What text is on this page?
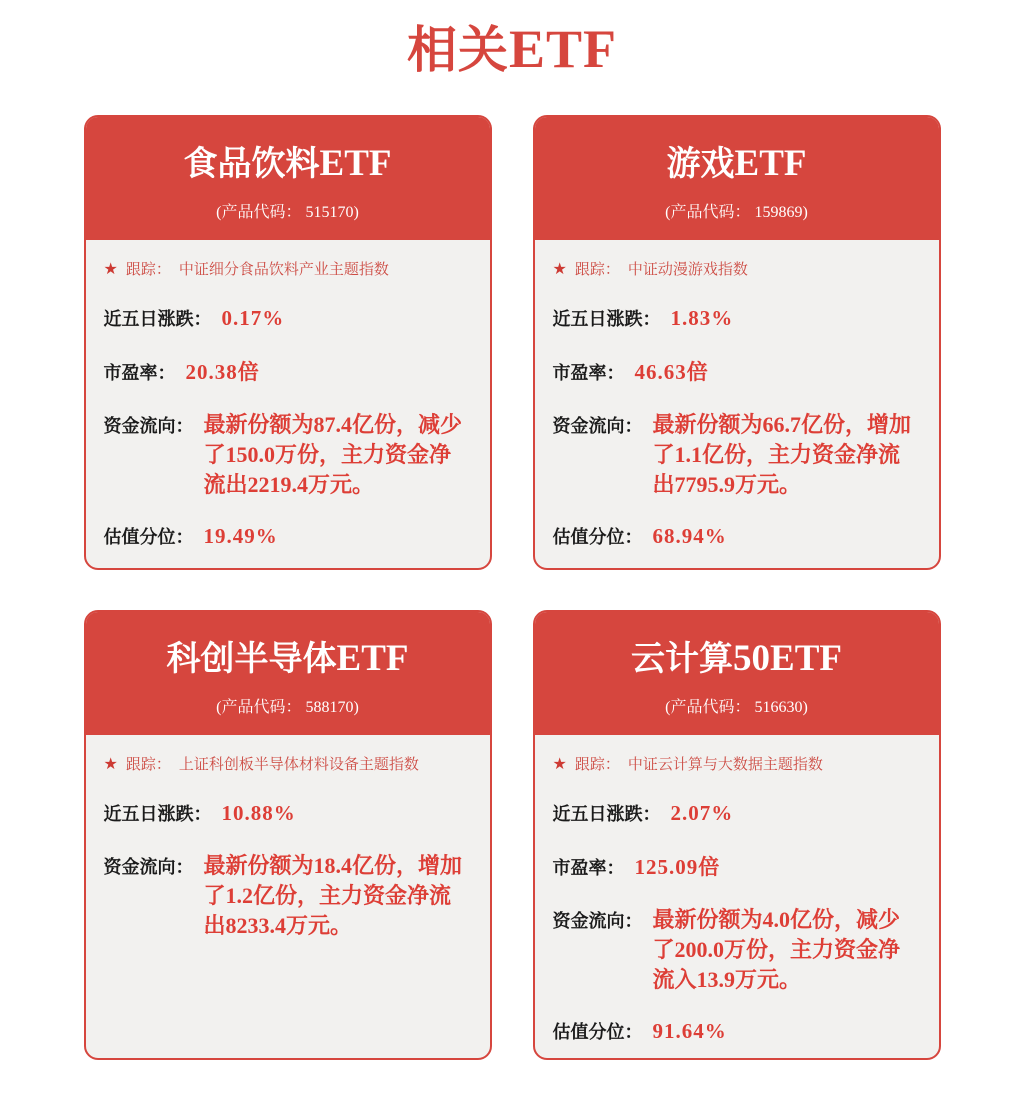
相关ETF
食品饮料ETF
(产品代码： 515170)
★ 跟踪： 中证细分食品饮料产业主题指数
近五日涨跌： 0.17%
市盈率： 20.38倍
资金流向： 最新份额为87.4亿份，减少了150.0万份，主力资金净流出2219.4万元。
估值分位： 19.49%
游戏ETF
(产品代码： 159869)
★ 跟踪： 中证动漫游戏指数
近五日涨跌： 1.83%
市盈率： 46.63倍
资金流向： 最新份额为66.7亿份，增加了1.1亿份，主力资金净流出7795.9万元。
估值分位： 68.94%
科创半导体ETF
(产品代码： 588170)
★ 跟踪： 上证科创板半导体材料设备主题指数
近五日涨跌： 10.88%
资金流向： 最新份额为18.4亿份，增加了1.2亿份，主力资金净流出8233.4万元。
云计算50ETF
(产品代码： 516630)
★ 跟踪： 中证云计算与大数据主题指数
近五日涨跌： 2.07%
市盈率： 125.09倍
资金流向： 最新份额为4.0亿份，减少了200.0万份，主力资金净流入13.9万元。
估值分位： 91.64%
